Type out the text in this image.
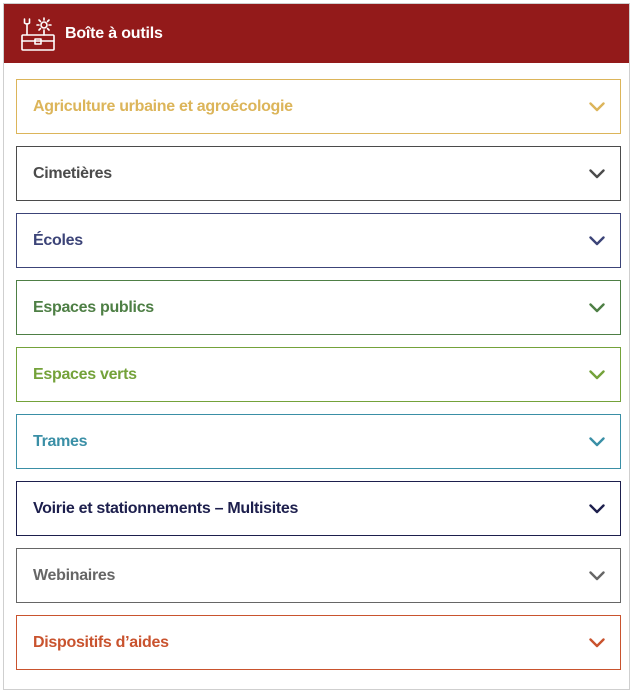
Boîte à outils
Agriculture urbaine et agroécologie
Cimetières
Écoles
Espaces publics
Espaces verts
Trames
Voirie et stationnements – Multisites
Webinaires
Dispositifs d’aides
